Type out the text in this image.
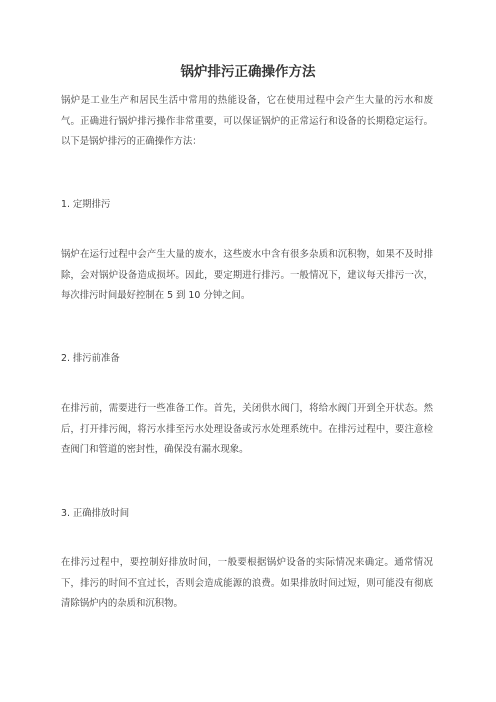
锅炉排污正确操作方法

锅炉是工业生产和居民生活中常用的热能设备，它在使用过程中会产生大量的污水和废气。正确进行锅炉排污操作非常重要，可以保证锅炉的正常运行和设备的长期稳定运行。以下是锅炉排污的正确操作方法：

1. 定期排污

锅炉在运行过程中会产生大量的废水，这些废水中含有很多杂质和沉积物，如果不及时排除，会对锅炉设备造成损坏。因此，要定期进行排污。一般情况下，建议每天排污一次，每次排污时间最好控制在 5 到 10 分钟之间。

2. 排污前准备

在排污前，需要进行一些准备工作。首先，关闭供水阀门，将给水阀门开到全开状态。然后，打开排污阀，将污水排至污水处理设备或污水处理系统中。在排污过程中，要注意检查阀门和管道的密封性，确保没有漏水现象。

3. 正确排放时间

在排污过程中，要控制好排放时间，一般要根据锅炉设备的实际情况来确定。通常情况下，排污的时间不宜过长，否则会造成能源的浪费。如果排放时间过短，则可能没有彻底清除锅炉内的杂质和沉积物。
